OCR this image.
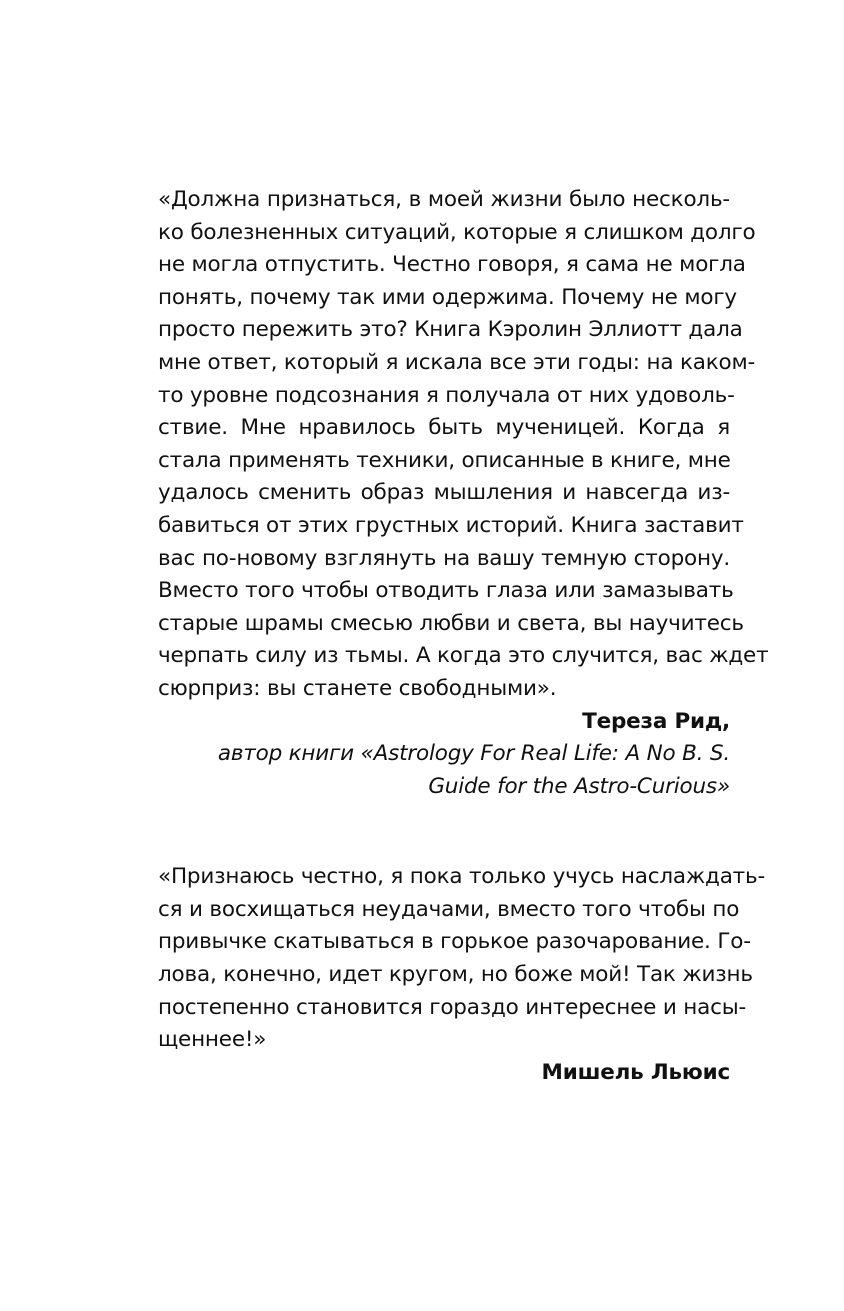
«Должна признаться, в моей жизни было несколь-
ко болезненных ситуаций, которые я слишком долго
не могла отпустить. Честно говоря, я сама не могла
понять, почему так ими одержима. Почему не могу
просто пережить это? Книга Кэролин Эллиотт дала
мне ответ, который я искала все эти годы: на каком-
то уровне подсознания я получала от них удоволь-
ствие. Мне нравилось быть мученицей. Когда я
стала применять техники, описанные в книге, мне
удалось сменить образ мышления и навсегда из-
бавиться от этих грустных историй. Книга заставит
вас по-новому взглянуть на вашу темную сторону.
Вместо того чтобы отводить глаза или замазывать
старые шрамы смесью любви и света, вы научитесь
черпать силу из тьмы. А когда это случится, вас ждет
сюрприз: вы станете свободными».

Тереза Рид,

автор книги «Astrology For Real Life: A No B. S.
Guide for the Astro-Curious»

«Признаюсь честно, я пока только учусь наслаждать-
ся и восхищаться неудачами, вместо того чтобы по
привычке скатываться в горькое разочарование. Го-
лова, конечно, идет кругом, но боже мой! Так жизнь
постепенно становится гораздо интереснее и насы-
щеннее!»

Мишель Льюис
